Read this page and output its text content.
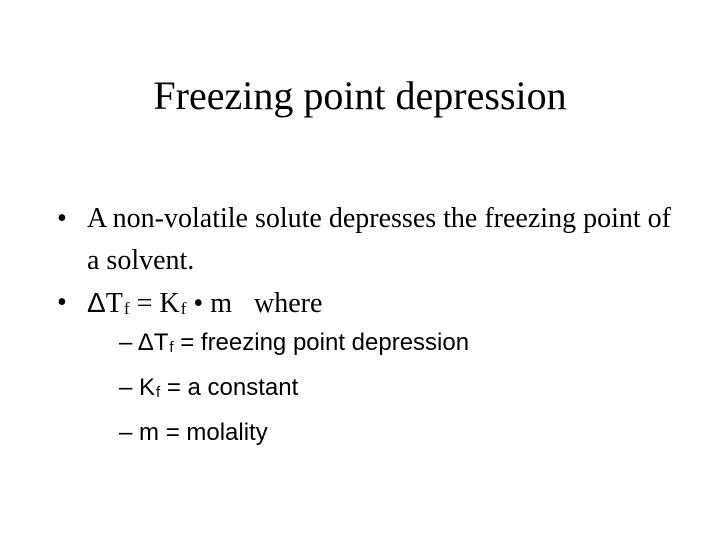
Freezing point depression
• A non-volatile solute depresses the freezing point of a solvent.
• ΔTf = Kf • m where
– ΔTf = freezing point depression
– Kf = a constant
– m = molality
